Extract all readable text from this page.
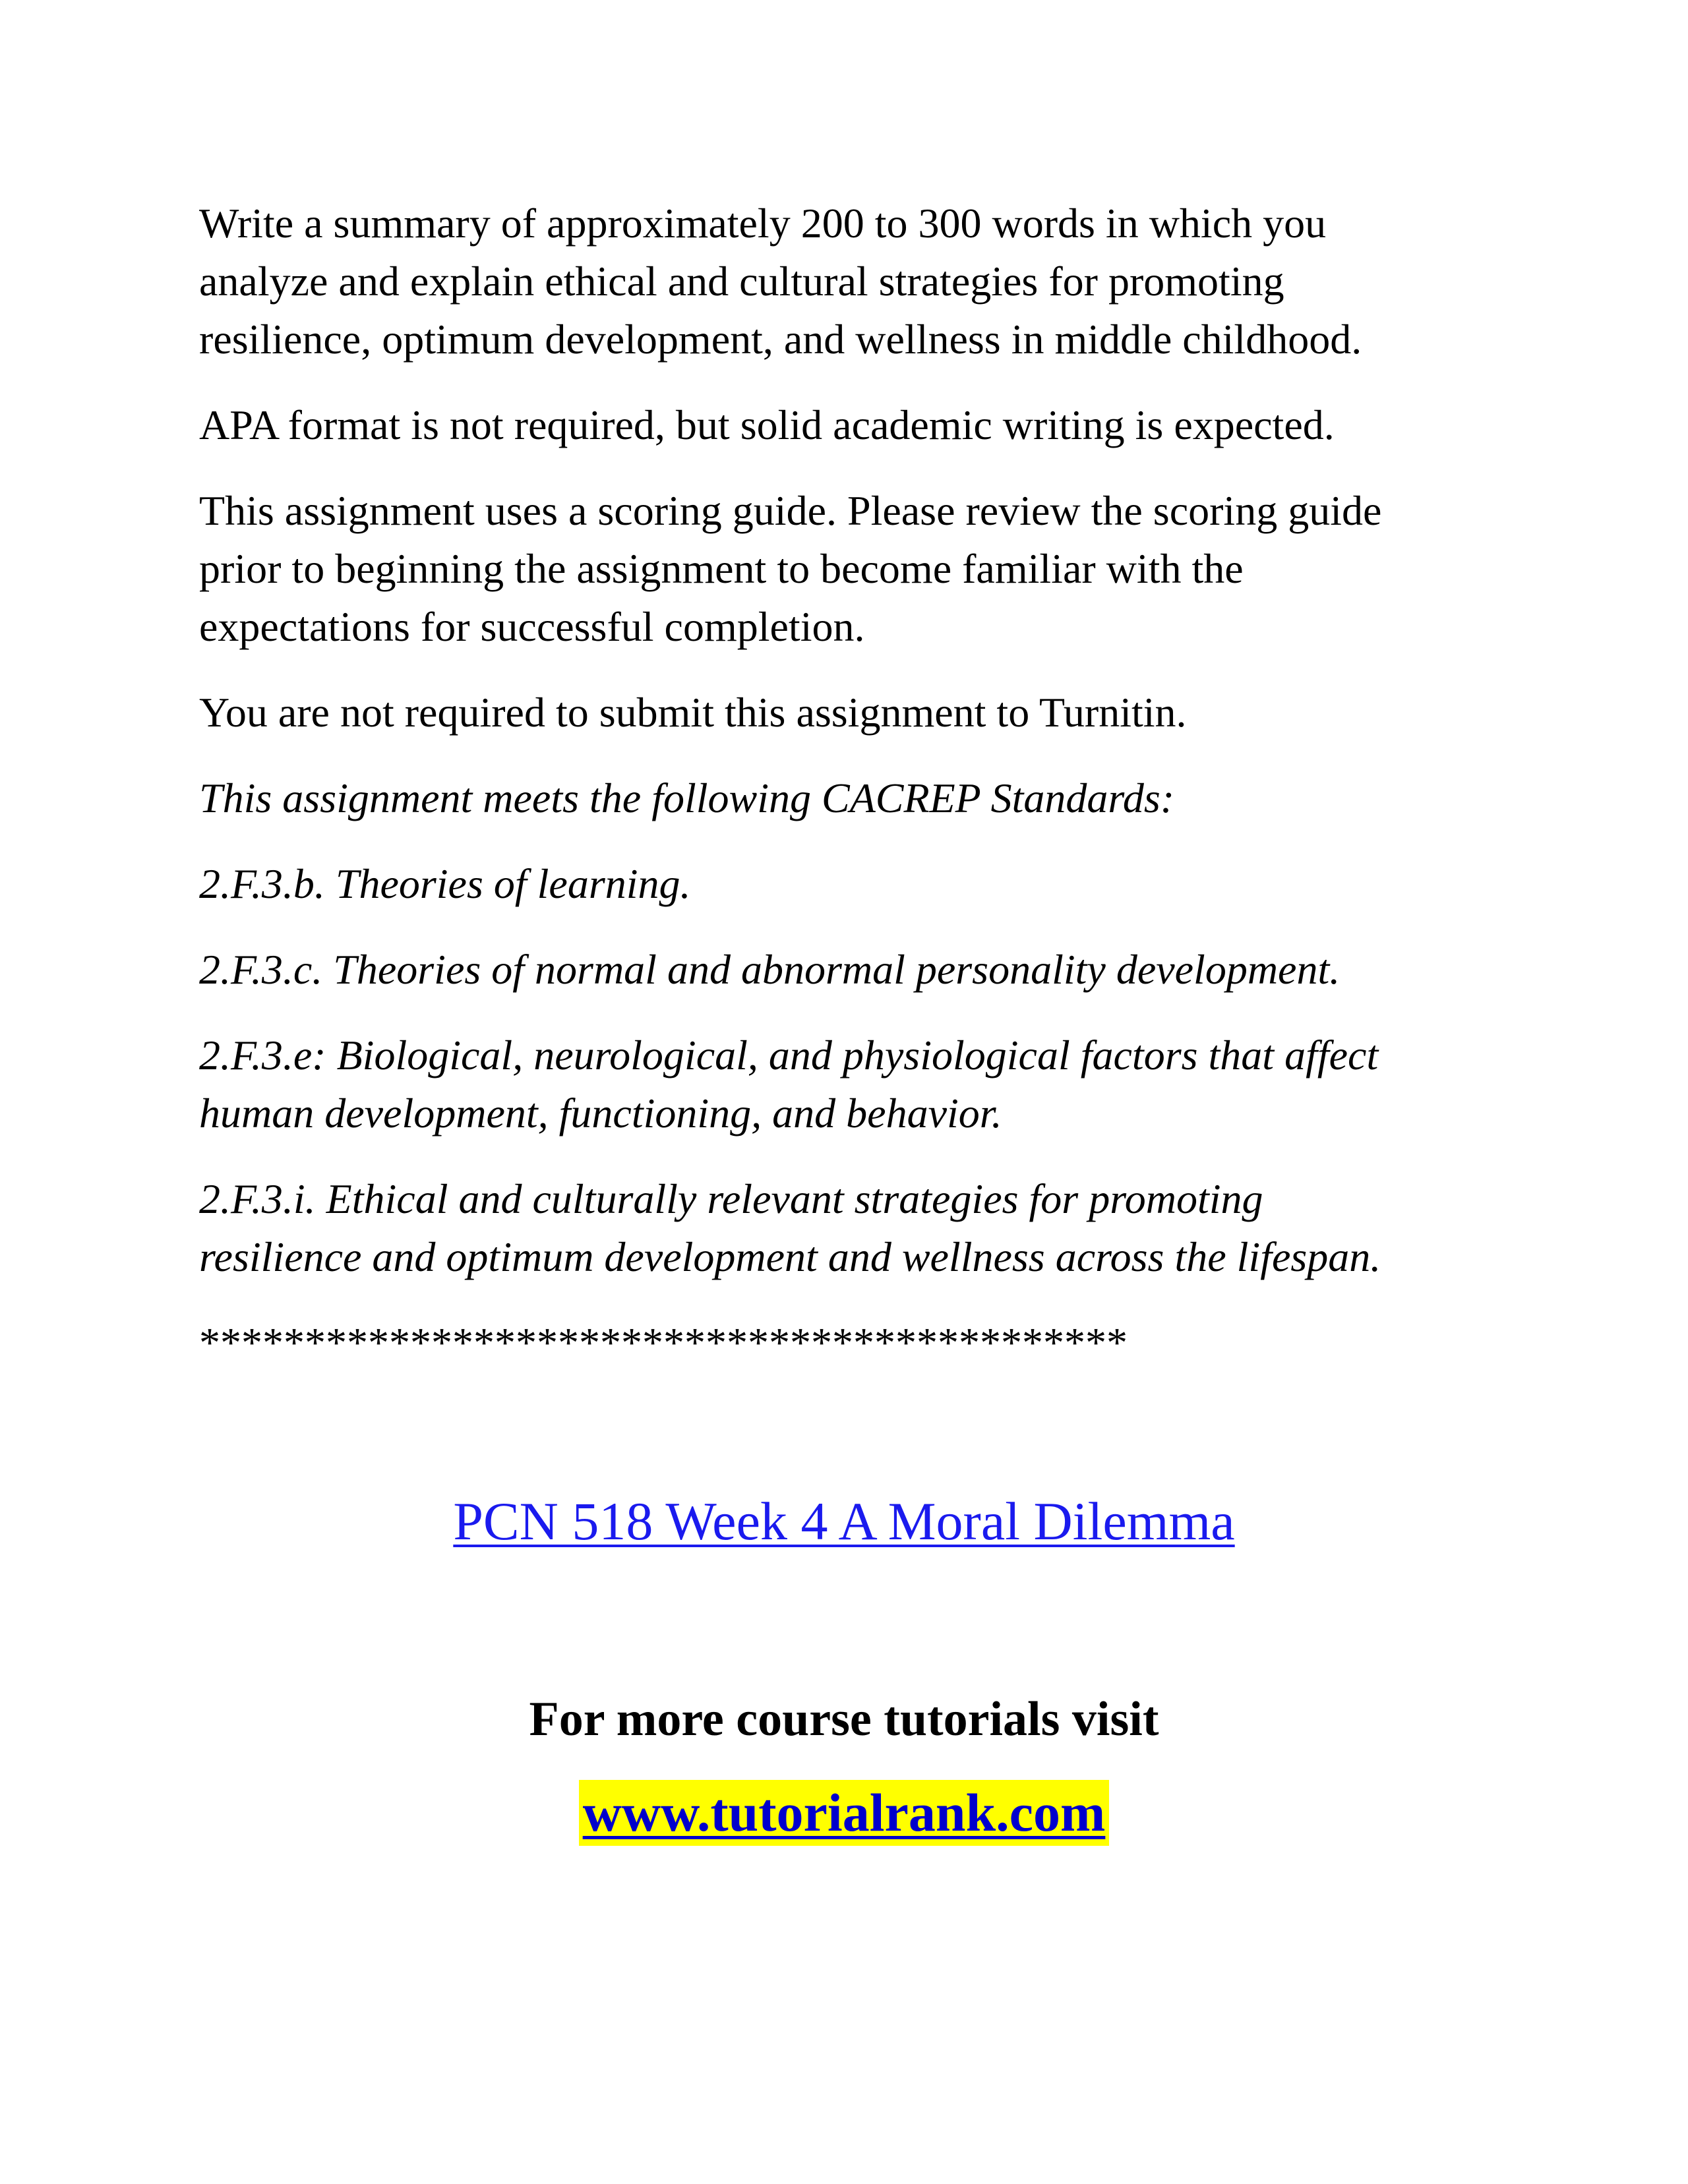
Write a summary of approximately 200 to 300 words in which you
analyze and explain ethical and cultural strategies for promoting
resilience, optimum development, and wellness in middle childhood.

APA format is not required, but solid academic writing is expected.

This assignment uses a scoring guide. Please review the scoring guide
prior to beginning the assignment to become familiar with the
expectations for successful completion.

You are not required to submit this assignment to Turnitin.

This assignment meets the following CACREP Standards:

2.F.3.b. Theories of learning.

2.F.3.c. Theories of normal and abnormal personality development.

2.F.3.e: Biological, neurological, and physiological factors that affect
human development, functioning, and behavior.

2.F.3.i. Ethical and culturally relevant strategies for promoting
resilience and optimum development and wellness across the lifespan.

********************************************

PCN 518 Week 4 A Moral Dilemma
For more course tutorials visit
www.tutorialrank.com
